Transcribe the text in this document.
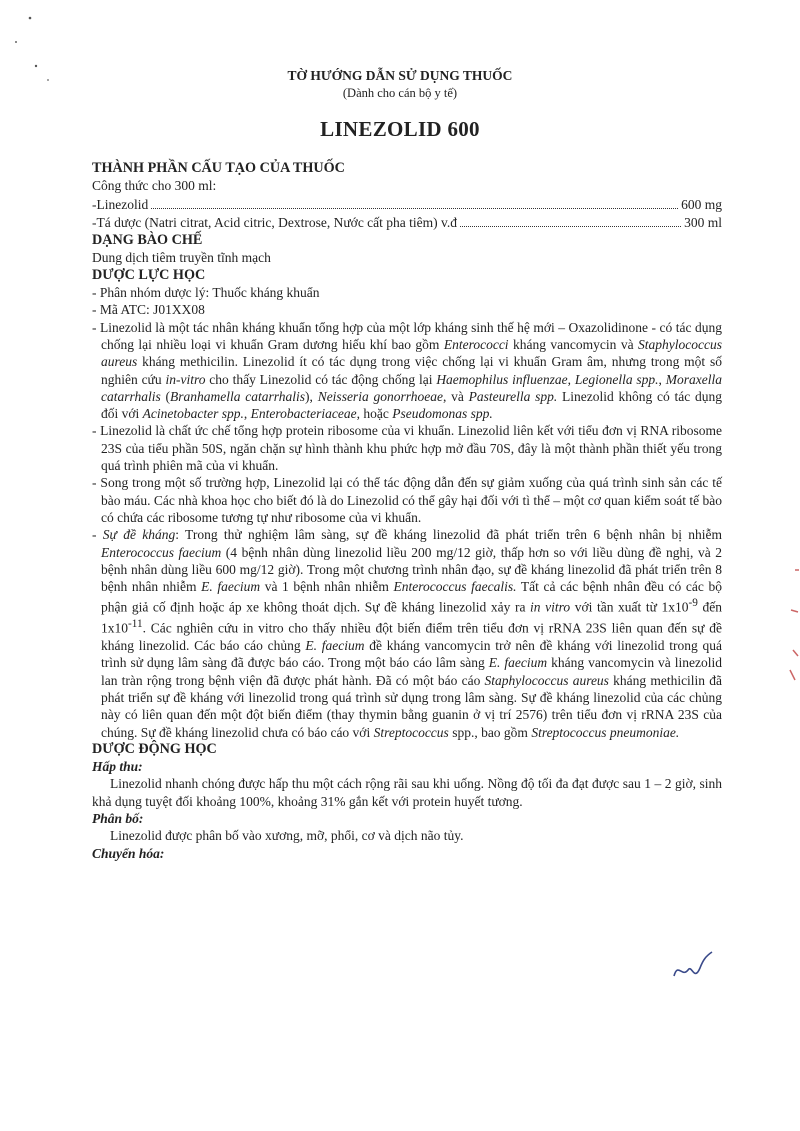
TỜ HƯỚNG DẪN SỬ DỤNG THUỐC
(Dành cho cán bộ y tế)
LINEZOLID 600

THÀNH PHẦN CẤU TẠO CỦA THUỐC

Công thức cho 300 ml:

-Linezolid	600 mg
-Tá dược (Natri citrat, Acid citric, Dextrose, Nước cất pha tiêm) v.đ	300 ml

DẠNG BÀO CHẾ

Dung dịch tiêm truyền tĩnh mạch

DƯỢC LỰC HỌC

- Phân nhóm dược lý: Thuốc kháng khuẩn

- Mã ATC: J01XX08

- Linezolid là một tác nhân kháng khuẩn tổng hợp của một lớp kháng sinh thế hệ mới – Oxazolidinone - có tác dụng chống lại nhiều loại vi khuẩn Gram dương hiếu khí bao gồm Enterococci kháng vancomycin và Staphylococcus aureus kháng methicilin. Linezolid ít có tác dụng trong việc chống lại vi khuẩn Gram âm, nhưng trong một số nghiên cứu in-vitro cho thấy Linezolid có tác động chống lại Haemophilus influenzae, Legionella spp., Moraxella catarrhalis (Branhamella catarrhalis), Neisseria gonorrhoeae, và Pasteurella spp. Linezolid không có tác dụng đối với Acinetobacter spp., Enterobacteriaceae, hoặc Pseudomonas spp.

- Linezolid là chất ức chế tổng hợp protein ribosome của vi khuẩn. Linezolid liên kết với tiểu đơn vị RNA ribosome 23S của tiểu phần 50S, ngăn chặn sự hình thành khu phức hợp mở đầu 70S, đây là một thành phần thiết yếu trong quá trình phiên mã của vi khuẩn.

- Song trong một số trường hợp, Linezolid lại có thể tác động dẫn đến sự giảm xuống của quá trình sinh sản các tế bào máu. Các nhà khoa học cho biết đó là do Linezolid có thể gây hại đối với tì thể – một cơ quan kiểm soát tế bào có chứa các ribosome tương tự như ribosome của vi khuẩn.

- Sự đề kháng: Trong thử nghiệm lâm sàng, sự đề kháng linezolid đã phát triển trên 6 bệnh nhân bị nhiễm Enterococcus faecium (4 bệnh nhân dùng linezolid liều 200 mg/12 giờ, thấp hơn so với liều dùng đề nghị, và 2 bệnh nhân dùng liều 600 mg/12 giờ). Trong một chương trình nhân đạo, sự đề kháng linezolid đã phát triển trên 8 bệnh nhân nhiễm E. faecium và 1 bệnh nhân nhiễm Enterococcus faecalis. Tất cả các bệnh nhân đều có các bộ phận giả cố định hoặc áp xe không thoát dịch. Sự đề kháng linezolid xảy ra in vitro với tần xuất từ $1x10^{-9}$ đến $1x10^{-11}$. Các nghiên cứu in vitro cho thấy nhiều đột biến điểm trên tiểu đơn vị rRNA 23S liên quan đến sự đề kháng linezolid. Các báo cáo chủng E. faecium đề kháng vancomycin trở nên đề kháng với linezolid trong quá trình sử dụng lâm sàng đã được báo cáo. Trong một báo cáo lâm sàng E. faecium kháng vancomycin và linezolid lan tràn rộng trong bệnh viện đã được phát hành. Đã có một báo cáo Staphylococcus aureus kháng methicilin đã phát triển sự đề kháng với linezolid trong quá trình sử dụng trong lâm sàng. Sự đề kháng linezolid của các chủng này có liên quan đến một đột biến điểm (thay thymin bằng guanin ở vị trí 2576) trên tiểu đơn vị rRNA 23S của chúng. Sự đề kháng linezolid chưa có báo cáo với Streptococcus spp., bao gồm Streptococcus pneumoniae.

DƯỢC ĐỘNG HỌC

Hấp thu:

Linezolid nhanh chóng được hấp thu một cách rộng rãi sau khi uống. Nồng độ tối đa đạt được sau 1 – 2 giờ, sinh khả dụng tuyệt đối khoảng 100%, khoảng 31% gắn kết với protein huyết tương.

Phân bố:

Linezolid được phân bố vào xương, mỡ, phổi, cơ và dịch não tủy.

Chuyển hóa:
